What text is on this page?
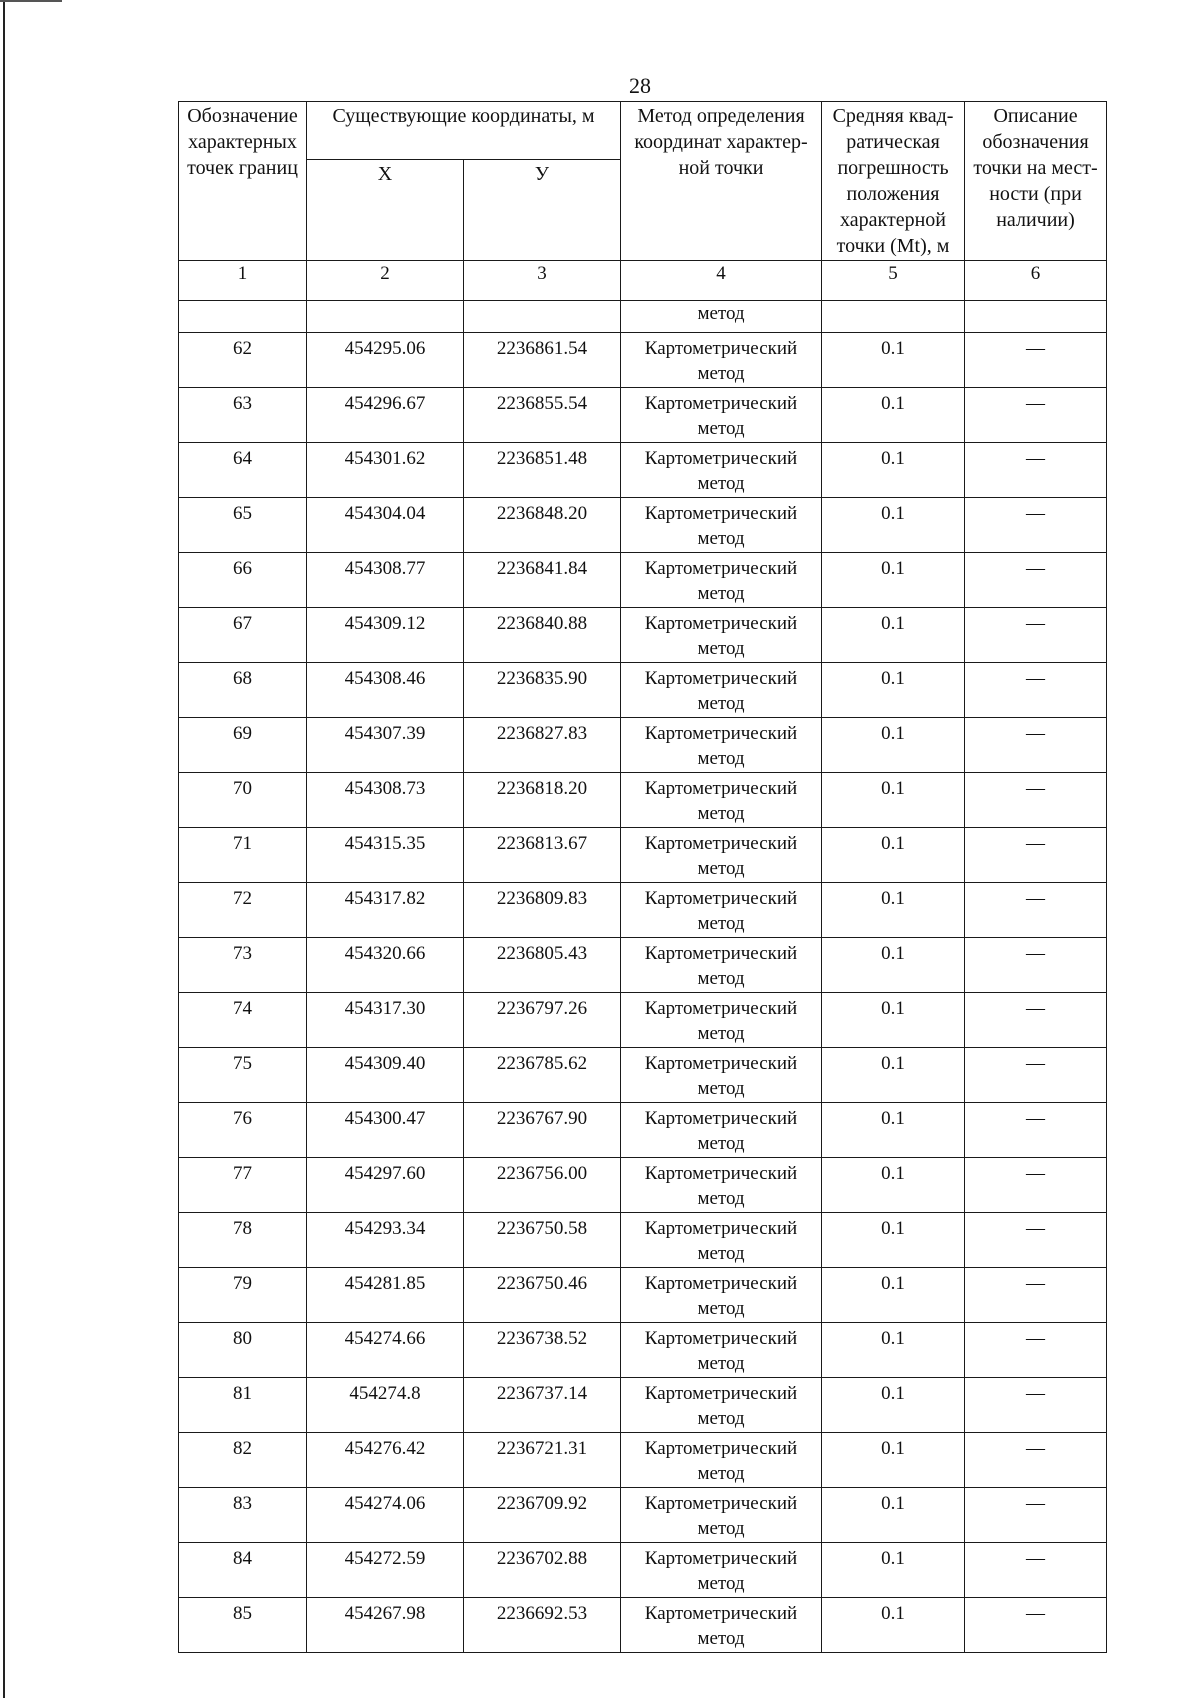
28
Обозначение характерных точек границ	Существующие координаты, м		Метод определения координат характер-ной точки	Средняя квад-ратическая погрешность положения характерной точки (Mt), м	Описание обозначения точки на мест-ности (при наличии)
	Х	У			
1	2	3	4	5	6
			метод		
62	454295.06	2236861.54	Картометрический метод	0.1	—
63	454296.67	2236855.54	Картометрический метод	0.1	—
64	454301.62	2236851.48	Картометрический метод	0.1	—
65	454304.04	2236848.20	Картометрический метод	0.1	—
66	454308.77	2236841.84	Картометрический метод	0.1	—
67	454309.12	2236840.88	Картометрический метод	0.1	—
68	454308.46	2236835.90	Картометрический метод	0.1	—
69	454307.39	2236827.83	Картометрический метод	0.1	—
70	454308.73	2236818.20	Картометрический метод	0.1	—
71	454315.35	2236813.67	Картометрический метод	0.1	—
72	454317.82	2236809.83	Картометрический метод	0.1	—
73	454320.66	2236805.43	Картометрический метод	0.1	—
74	454317.30	2236797.26	Картометрический метод	0.1	—
75	454309.40	2236785.62	Картометрический метод	0.1	—
76	454300.47	2236767.90	Картометрический метод	0.1	—
77	454297.60	2236756.00	Картометрический метод	0.1	—
78	454293.34	2236750.58	Картометрический метод	0.1	—
79	454281.85	2236750.46	Картометрический метод	0.1	—
80	454274.66	2236738.52	Картометрический метод	0.1	—
81	454274.8	2236737.14	Картометрический метод	0.1	—
82	454276.42	2236721.31	Картометрический метод	0.1	—
83	454274.06	2236709.92	Картометрический метод	0.1	—
84	454272.59	2236702.88	Картометрический метод	0.1	—
85	454267.98	2236692.53	Картометрический метод	0.1	—
